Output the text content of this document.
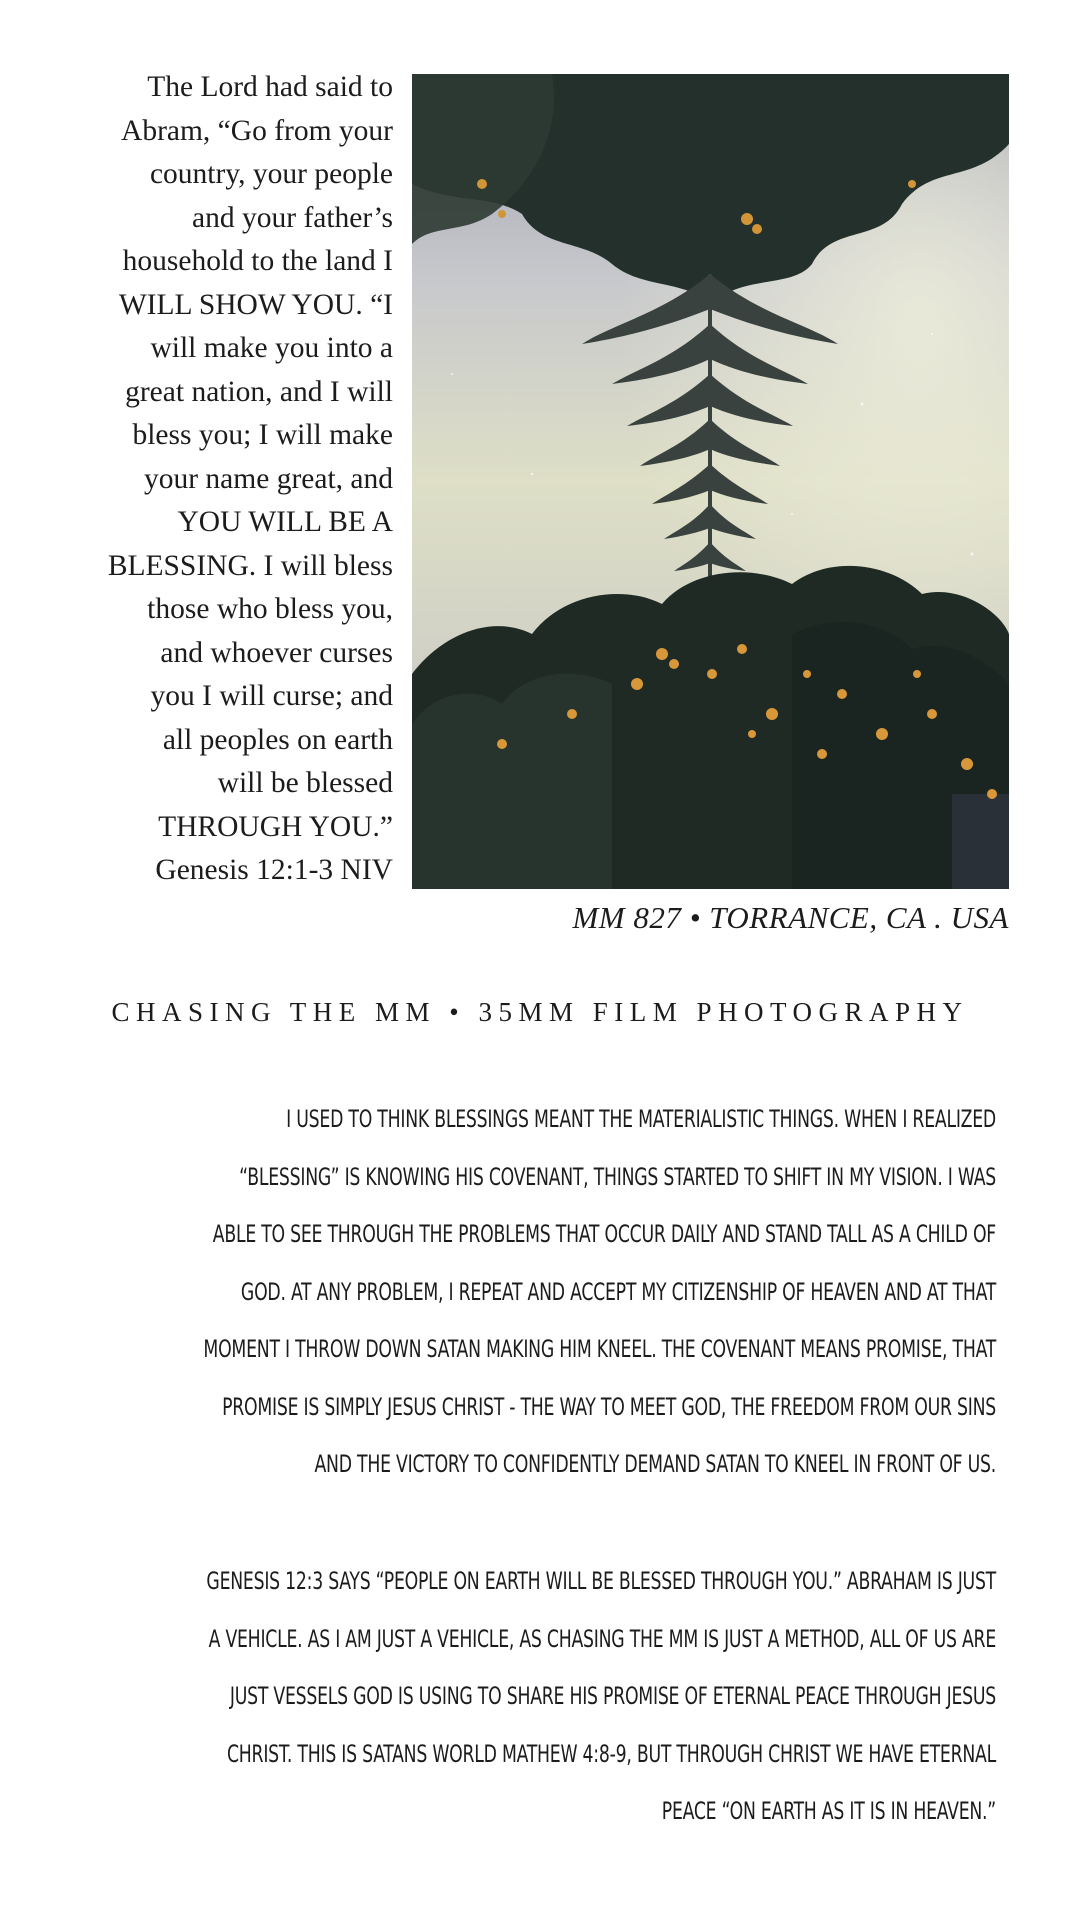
The Lord had said to
Abram, “Go from your
country, your people
and your father’s
household to the land I
WILL SHOW YOU. “I
will make you into a
great nation, and I will
bless you; I will make
your name great, and
YOU WILL BE A
BLESSING. I will bless
those who bless you,
and whoever curses
you I will curse; and
all peoples on earth
will be blessed
THROUGH YOU.”
Genesis 12:1-3 NIV
MM 827 • TORRANCE, CA . USA
CHASING THE MM • 35MM FILM PHOTOGRAPHY
I USED TO THINK BLESSINGS MEANT THE MATERIALISTIC THINGS. WHEN I REALIZED
“BLESSING” IS KNOWING HIS COVENANT, THINGS STARTED TO SHIFT IN MY VISION. I WAS
ABLE TO SEE THROUGH THE PROBLEMS THAT OCCUR DAILY AND STAND TALL AS A CHILD OF
GOD. AT ANY PROBLEM, I REPEAT AND ACCEPT MY CITIZENSHIP OF HEAVEN AND AT THAT
MOMENT I THROW DOWN SATAN MAKING HIM KNEEL. THE COVENANT MEANS PROMISE, THAT
PROMISE IS SIMPLY JESUS CHRIST - THE WAY TO MEET GOD, THE FREEDOM FROM OUR SINS
AND THE VICTORY TO CONFIDENTLY DEMAND SATAN TO KNEEL IN FRONT OF US.
GENESIS 12:3 SAYS “PEOPLE ON EARTH WILL BE BLESSED THROUGH YOU.” ABRAHAM IS JUST
A VEHICLE. AS I AM JUST A VEHICLE, AS CHASING THE MM IS JUST A METHOD, ALL OF US ARE
JUST VESSELS GOD IS USING TO SHARE HIS PROMISE OF ETERNAL PEACE THROUGH JESUS
CHRIST. THIS IS SATANS WORLD MATHEW 4:8-9, BUT THROUGH CHRIST WE HAVE ETERNAL
PEACE “ON EARTH AS IT IS IN HEAVEN.”
